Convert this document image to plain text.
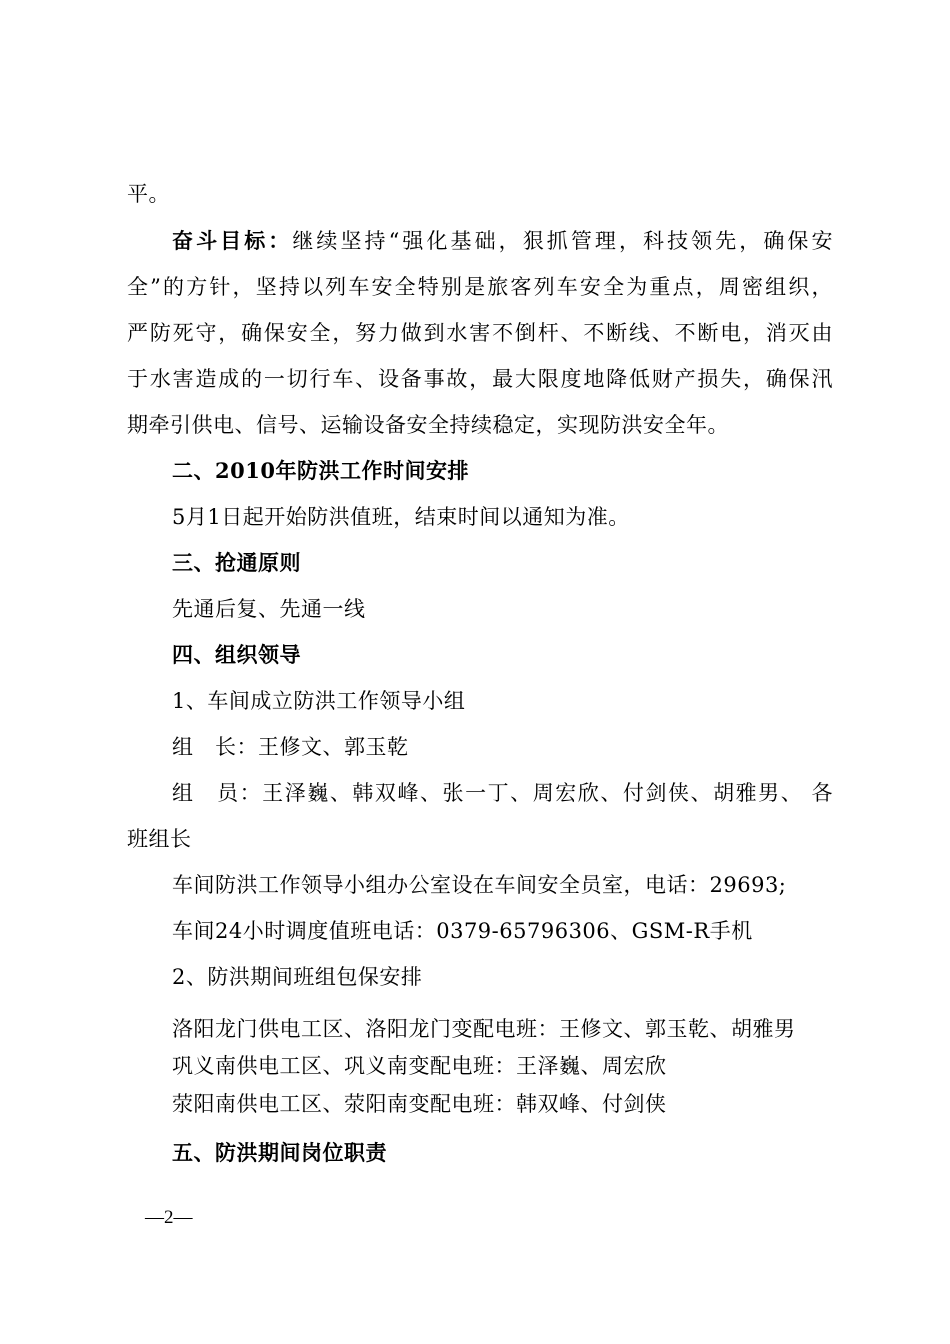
平。
奋斗目标：继续坚持“强化基础，狠抓管理，科技领先，确保安
全”的方针，坚持以列车安全特别是旅客列车安全为重点，周密组织，
严防死守，确保安全，努力做到水害不倒杆、不断线、不断电，消灭由
于水害造成的一切行车、设备事故，最大限度地降低财产损失，确保汛
期牵引供电、信号、运输设备安全持续稳定，实现防洪安全年。
二、2010年防洪工作时间安排
5月1日起开始防洪值班，结束时间以通知为准。
三、抢通原则
先通后复、先通一线
四、组织领导
1、车间成立防洪工作领导小组
组　长：王修文、郭玉乾
组　员：王泽巍、韩双峰、张一丁、周宏欣、付剑侠、胡雅男、 各
班组长
车间防洪工作领导小组办公室设在车间安全员室，电话：29693;
车间24小时调度值班电话：0379-65796306、GSM-R手机
2、防洪期间班组包保安排
洛阳龙门供电工区、洛阳龙门变配电班：王修文、郭玉乾、胡雅男
巩义南供电工区、巩义南变配电班：王泽巍、周宏欣
荥阳南供电工区、荥阳南变配电班：韩双峰、付剑侠
五、防洪期间岗位职责
—2—
